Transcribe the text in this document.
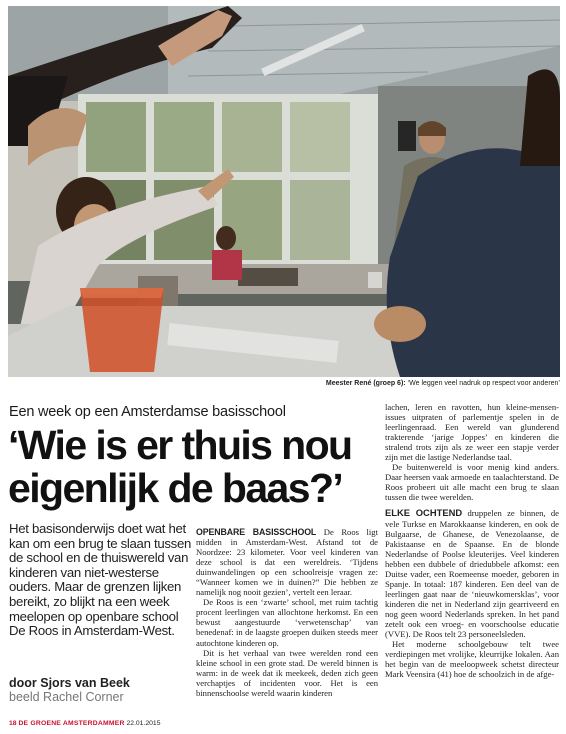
Meester René (groep 6): ‘We leggen veel nadruk op respect voor anderen’
Een week op een Amsterdamse basisschool
‘Wie is er thuis nou eigenlijk de baas?’
Het basisonderwijs doet wat het kan om een brug te slaan tussen de school en de thuiswereld van kinderen van niet-westerse ouders. Maar de grenzen lijken bereikt, zo blijkt na een week meelopen op openbare school De Roos in Amsterdam-West.
door Sjors van Beek
beeld Rachel Corner

OPENBARE BASISSCHOOL De Roos ligt midden in Amsterdam-West. Afstand tot de Noordzee: 23 kilometer. Voor veel kinderen van deze school is dat een wereldreis. ‘Tijdens duinwandelingen op een schoolreisje vragen ze: “Wanneer komen we in duinen?” Die hebben ze namelijk nog nooit gezien’, vertelt een leraar.

De Roos is een ‘zwarte’ school, met ruim tachtig procent leerlingen van allochtone herkomst. En een bewust aangestuurde ‘verwetenschap’ van benedenaf: in de laagste groepen duiken steeds meer autochtone kinderen op.

Dit is het verhaal van twee werelden rond een kleine school in een grote stad. De wereld binnen is warm: in de week dat ik meekeek, deden zich geen verchaptjes of incidenten voor. Het is een binnenschoolse wereld waarin kinderen

lachen, leren en ravotten, hun kleine-mensen-issues uitpraten of parlementje spelen in de leerlingenraad. Een wereld van glunderend trakterende ‘jarige Joppes’ en kinderen die stralend trots zijn als ze weer een stapje verder zijn met die lastige Nederlandse taal.

De buitenwereld is voor menig kind anders. Daar heersen vaak armoede en taalachterstand. De Roos probeert uit alle macht een brug te slaan tussen die twee werelden.

ELKE OCHTEND druppelen ze binnen, de vele Turkse en Marokkaanse kinderen, en ook de Bulgaarse, de Ghanese, de Venezolaanse, de Pakistaanse en de Spaanse. En de blonde Nederlandse of Poolse kleuterijes. Veel kinderen hebben een dubbele of driedubbele afkomst: een Duitse vader, een Roemeense moeder, geboren in Spanje. In totaal: 187 kinderen. Een deel van de leerlingen gaat naar de ‘nieuwkomersklas’, voor kinderen die net in Nederland zijn gearriveerd en nog geen woord Nederlands spreken. In het pand zetelt ook een vroeg- en voorschoolse educatie (VVE). De Roos telt 23 personeelsleden.

Het moderne schoolgebouw telt twee verdiepingen met vrolijke, kleurrijke lokalen. Aan het begin van de meeloopweek schetst directeur Mark Veensira (41) hoe de schoolzich in de afge-

18 DE GROENE AMSTERDAMMER 22.01.2015
